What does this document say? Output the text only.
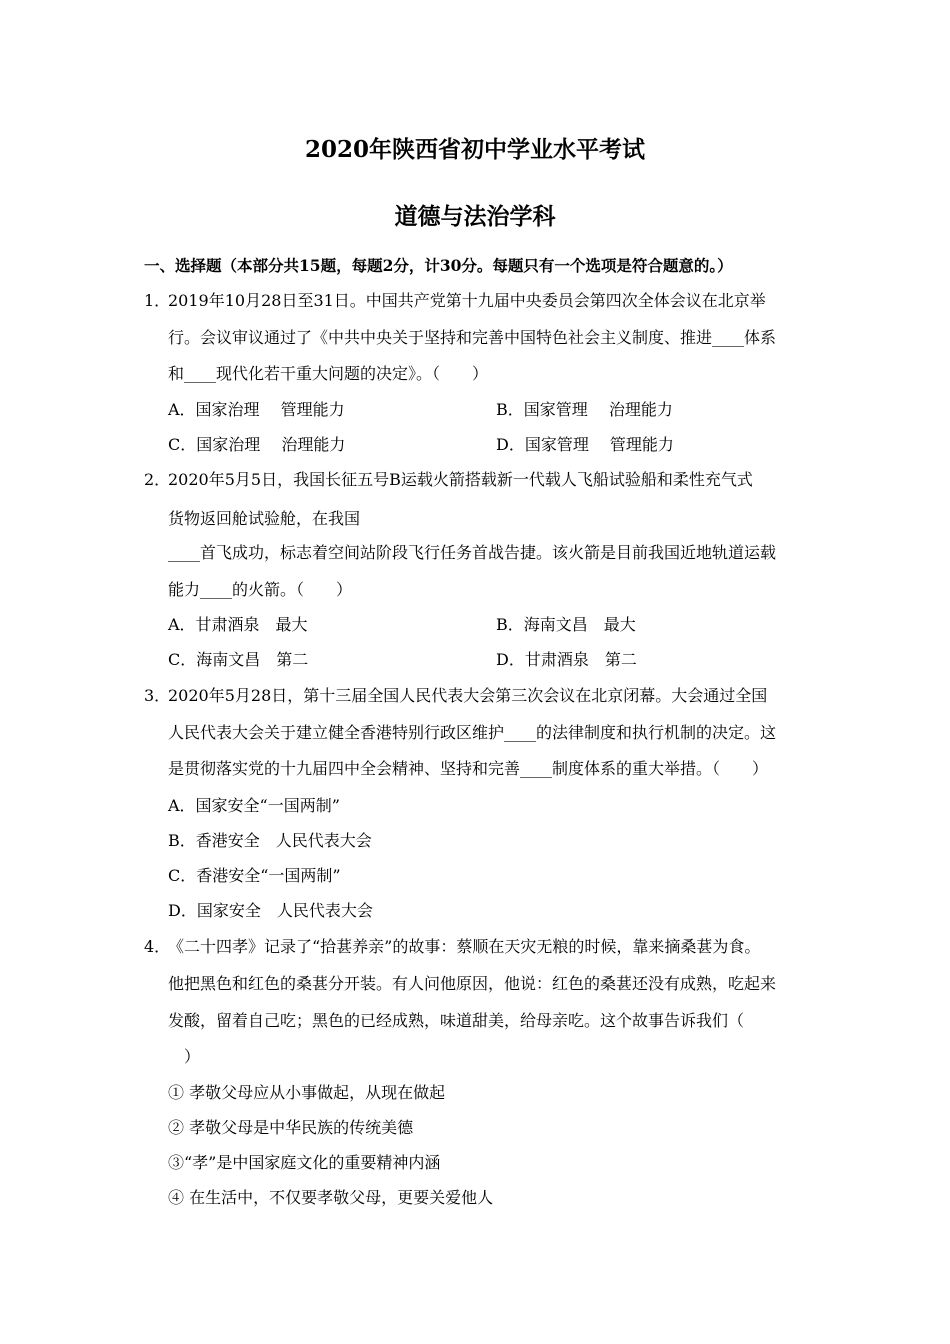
2020年陕西省初中学业水平考试
道德与法治学科
一、选择题（本部分共15题，每题2分，计30分。每题只有一个选项是符合题意的。）
1．
2019年10月28日至31日。中国共产党第十九届中央委员会第四次全体会议在北京举
行。会议审议通过了《中共中央关于坚持和完善中国特色社会主义制度、推进____体系
和____现代化若干重大问题的决定》。（　　）
A．国家治理　 管理能力	B．国家管理　 治理能力
C．国家治理　 治理能力	D．国家管理　 管理能力
2．
2020年5月5日，我国长征五号B运载火箭搭载新一代载人飞船试验船和柔性充气式
货物返回舱试验舱，在我国
____首飞成功，标志着空间站阶段飞行任务首战告捷。该火箭是目前我国近地轨道运载
能力____的火箭。（　　）
A．甘肃酒泉　最大	B．海南文昌　最大
C．海南文昌　第二	D．甘肃酒泉　第二
3．
2020年5月28日，第十三届全国人民代表大会第三次会议在北京闭幕。大会通过全国
人民代表大会关于建立健全香港特别行政区维护____的法律制度和执行机制的决定。这
是贯彻落实党的十九届四中全会精神、坚持和完善____制度体系的重大举措。（　　）
A．国家安全“一国两制”
B．香港安全　人民代表大会
C．香港安全“一国两制”
D．国家安全　人民代表大会
4．
《二十四孝》记录了“拾葚养亲”的故事：蔡顺在天灾无粮的时候，靠来摘桑葚为食。
他把黑色和红色的桑葚分开装。有人问他原因，他说：红色的桑葚还没有成熟，吃起来
发酸，留着自己吃；黑色的已经成熟，味道甜美，给母亲吃。这个故事告诉我们（
）
① 孝敬父母应从小事做起，从现在做起
② 孝敬父母是中华民族的传统美德
③“孝”是中国家庭文化的重要精神内涵
④ 在生活中，不仅要孝敬父母，更要关爱他人
